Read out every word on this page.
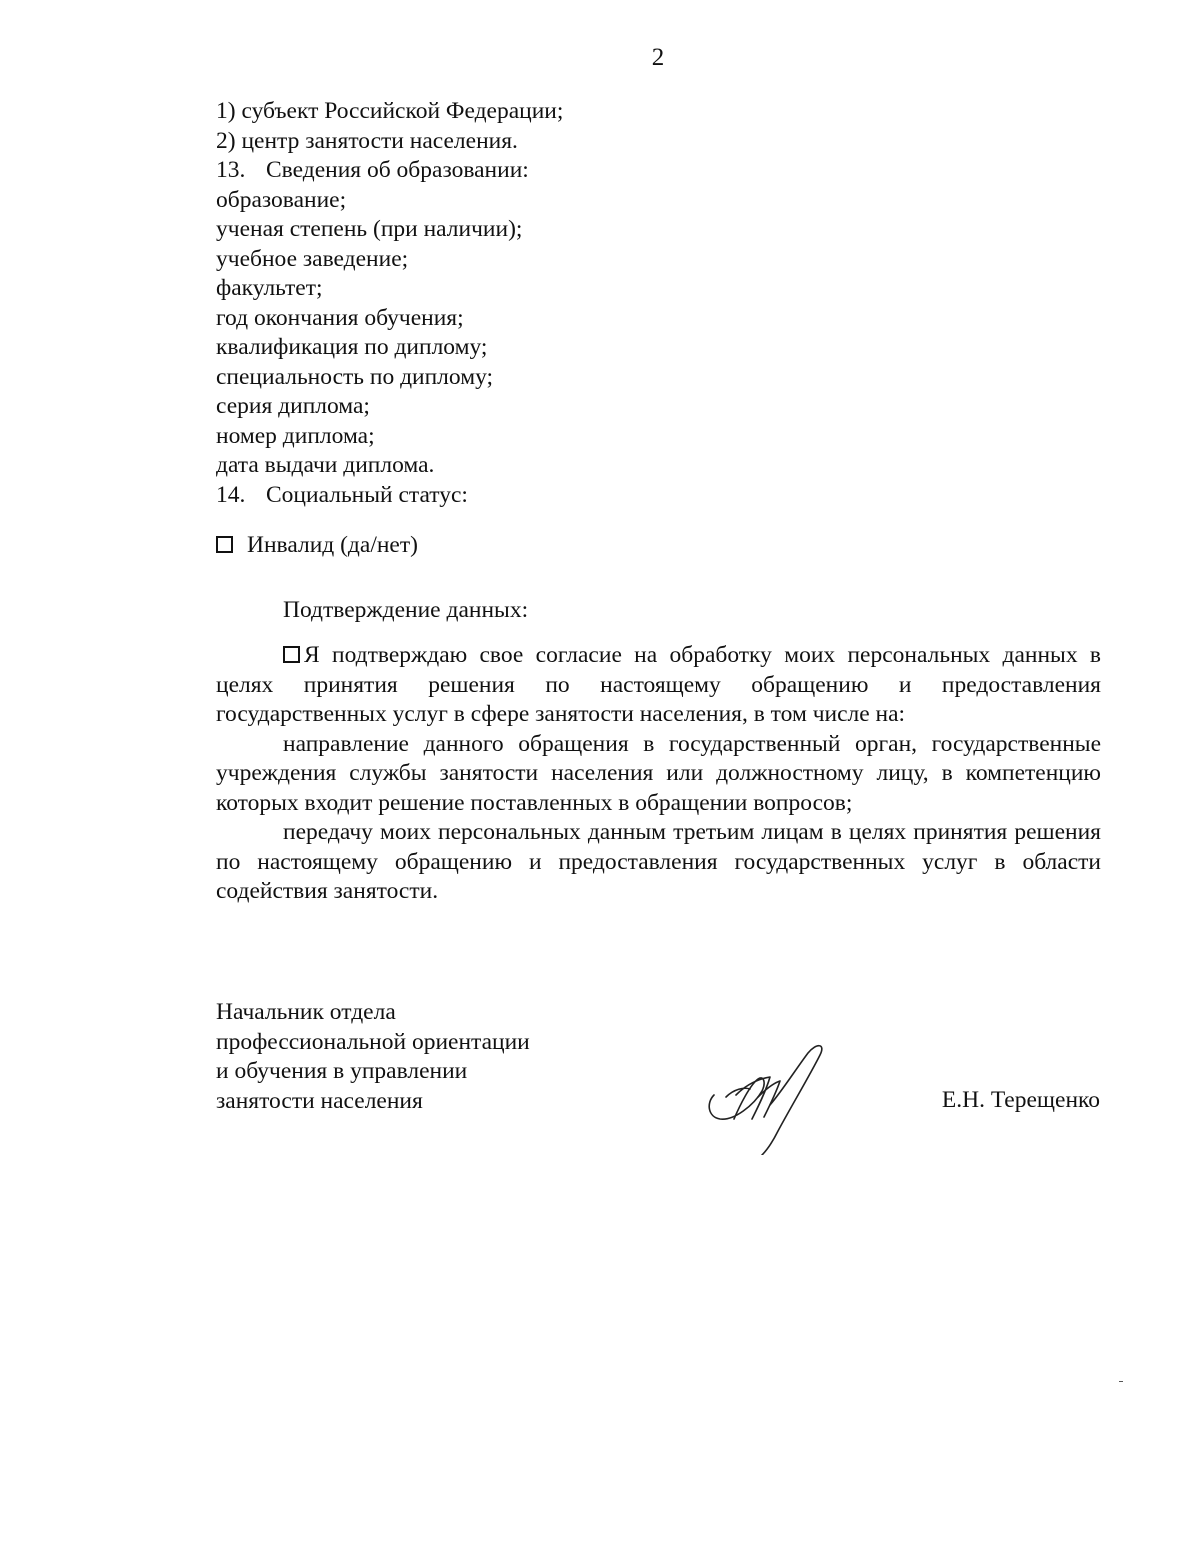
2
1) субъект Российской Федерации;
2) центр занятости населения.
13. Сведения об образовании:
образование;
ученая степень (при наличии);
учебное заведение;
факультет;
год окончания обучения;
квалификация по диплому;
специальность по диплому;
серия диплома;
номер диплома;
дата выдачи диплома.
14. Социальный статус:
Инвалид (да/нет)
Подтверждение данных:

Я подтверждаю свое согласие на обработку моих персональных данных в целях принятия решения по настоящему обращению и предоставления государственных услуг в сфере занятости населения, в том числе на:

направление данного обращения в государственный орган, государственные учреждения службы занятости населения или должностному лицу, в компетенцию которых входит решение поставленных в обращении вопросов;

передачу моих персональных данным третьим лицам в целях принятия решения по настоящему обращению и предоставления государственных услуг в области содействия занятости.

Начальник отдела
профессиональной ориентации
и обучения в управлении
занятости населения	Е.Н. Терещенко
